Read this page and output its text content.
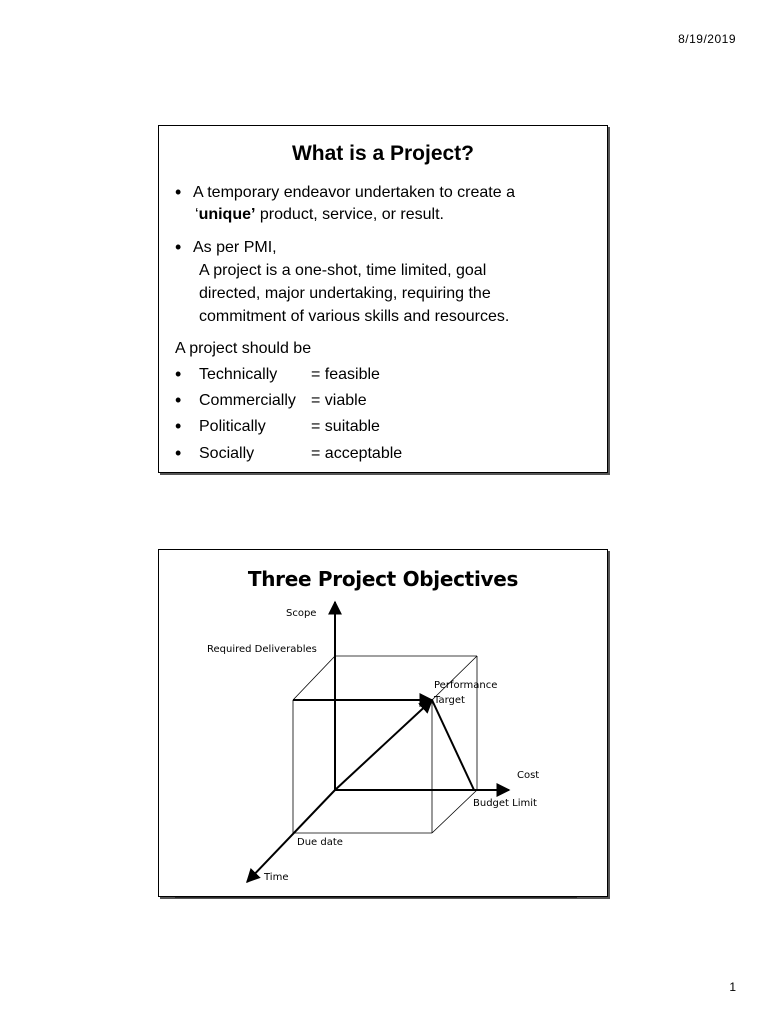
8/19/2019
What is a Project?
• A temporary endeavor undertaken to create a
‘unique’ product, service, or result.
• As per PMI,
A project is a one-shot, time limited, goal
directed, major undertaking, requiring the
commitment of various skills and resources.
A project should be
• Technically = feasible
• Commercially = viable
• Politically	= suitable
• Socially	= acceptable
Three Project Objectives
Scope
Required Deliverables
Performance
Target
Cost
Budget Limit
Due date
Time
1
